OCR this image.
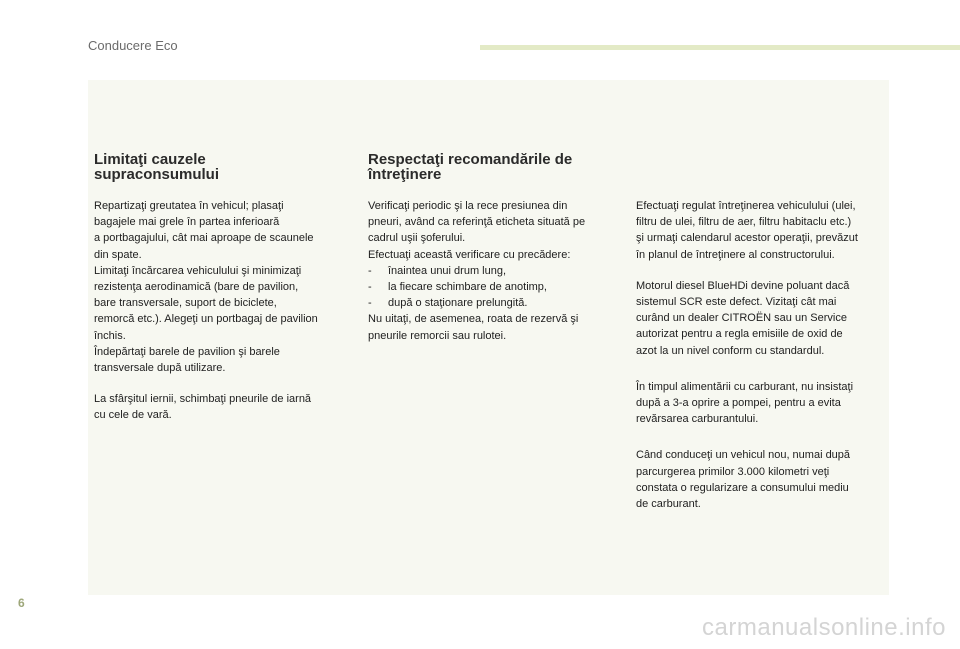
Conducere Eco
Limitaţi cauzele
supraconsumului

Repartizaţi greutatea în vehicul; plasaţi
bagajele mai grele în partea inferioară
a portbagajului, cât mai aproape de scaunele
din spate.
Limitaţi încărcarea vehiculului şi minimizaţi
rezistenţa aerodinamică (bare de pavilion,
bare transversale, suport de biciclete,
remorcă etc.). Alegeţi un portbagaj de pavilion
închis.
Îndepărtaţi barele de pavilion şi barele
transversale după utilizare.

La sfârşitul iernii, schimbaţi pneurile de iarnă
cu cele de vară.

Respectaţi recomandările de
întreţinere

Verificaţi periodic şi la rece presiunea din
pneuri, având ca referinţă eticheta situată pe
cadrul uşii şoferului.
Efectuaţi această verificare cu precădere:

- înaintea unui drum lung,
- la fiecare schimbare de anotimp,
- după o staţionare prelungită.

Nu uitaţi, de asemenea, roata de rezervă şi
pneurile remorcii sau rulotei.

Efectuaţi regulat întreţinerea vehiculului (ulei,
filtru de ulei, filtru de aer, filtru habitaclu etc.)
şi urmaţi calendarul acestor operaţii, prevăzut
în planul de întreţinere al constructorului.

Motorul diesel BlueHDi devine poluant dacă
sistemul SCR este defect. Vizitaţi cât mai
curând un dealer CITROËN sau un Service
autorizat pentru a regla emisiile de oxid de
azot la un nivel conform cu standardul.

În timpul alimentării cu carburant, nu insistaţi
după a 3-a oprire a pompei, pentru a evita
revărsarea carburantului.

Când conduceţi un vehicul nou, numai după
parcurgerea primilor 3.000 kilometri veţi
constata o regularizare a consumului mediu
de carburant.

6
carmanualsonline.info
